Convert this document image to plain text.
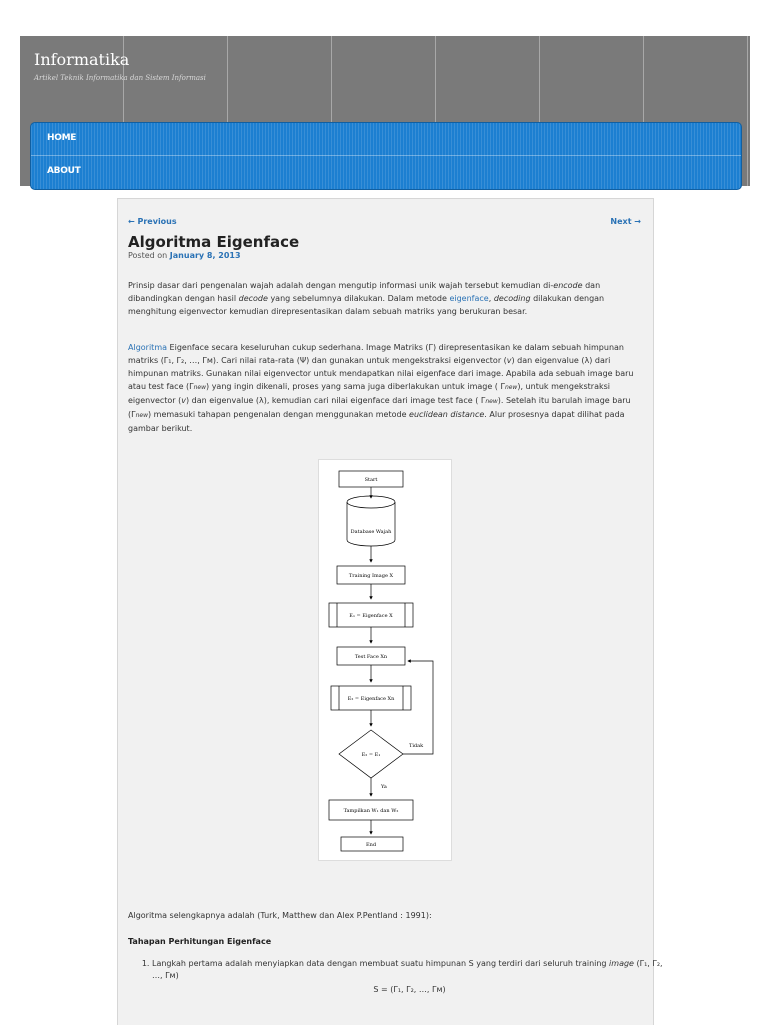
Informatika
Artikel Teknik Informatika dan Sistem Informasi
HOME
ABOUT
← Previous	Next →
Algoritma Eigenface
Posted on January 8, 2013

Prinsip dasar dari pengenalan wajah adalah dengan mengutip informasi unik wajah tersebut kemudian di-encode dan dibandingkan dengan hasil decode yang sebelumnya dilakukan. Dalam metode eigenface, decoding dilakukan dengan menghitung eigenvector kemudian direpresentasikan dalam sebuah matriks yang berukuran besar.

Algoritma Eigenface secara keseluruhan cukup sederhana. Image Matriks (Γ) direpresentasikan ke dalam sebuah himpunan matriks (Γ₁, Γ₂, …, Γᴍ). Cari nilai rata-rata (Ψ) dan gunakan untuk mengekstraksi eigenvector (v) dan eigenvalue (λ) dari himpunan matriks. Gunakan nilai eigenvector untuk mendapatkan nilai eigenface dari image. Apabila ada sebuah image baru atau test face (Γnew) yang ingin dikenali, proses yang sama juga diberlakukan untuk image ( Γnew), untuk mengekstraksi eigenvector (v) dan eigenvalue (λ), kemudian cari nilai eigenface dari image test face ( Γnew). Setelah itu barulah image baru (Γnew) memasuki tahapan pengenalan dengan menggunakan metode euclidean distance. Alur prosesnya dapat dilihat pada gambar berikut.

Start
Database Wajah
Training Image X
E₁ = Eigenface X
Test Face Xn
E₂ = Eigenface Xn
E₂ = E₁
Tidak
Ya
Tampilkan W₁ dan W₂
End

Algoritma selengkapnya adalah (Turk, Matthew dan Alex P.Pentland : 1991):

Tahapan Perhitungan Eigenface
1. Langkah pertama adalah menyiapkan data dengan membuat suatu himpunan S yang terdiri dari seluruh training image (Γ₁, Γ₂, …, Γᴍ)
S = (Γ₁, Γ₂, …, Γᴍ)
